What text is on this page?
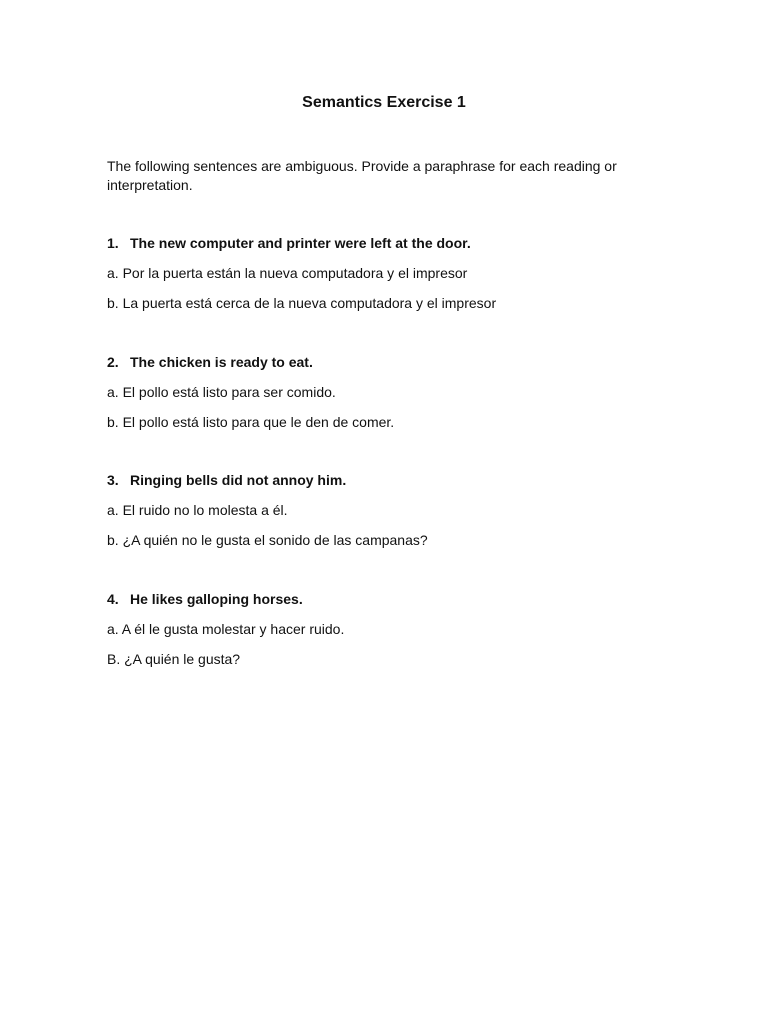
Semantics Exercise 1

The following sentences are ambiguous. Provide a paraphrase for each reading or interpretation.

1. The new computer and printer were left at the door.

a. Por la puerta están la nueva computadora y el impresor

b. La puerta está cerca de la nueva computadora y el impresor

2. The chicken is ready to eat.

a. El pollo está listo para ser comido.

b. El pollo está listo para que le den de comer.

3. Ringing bells did not annoy him.

a. El ruido no lo molesta a él.

b. ¿A quién no le gusta el sonido de las campanas?

4. He likes galloping horses.

a. A él le gusta molestar y hacer ruido.

B. ¿A quién le gusta?
